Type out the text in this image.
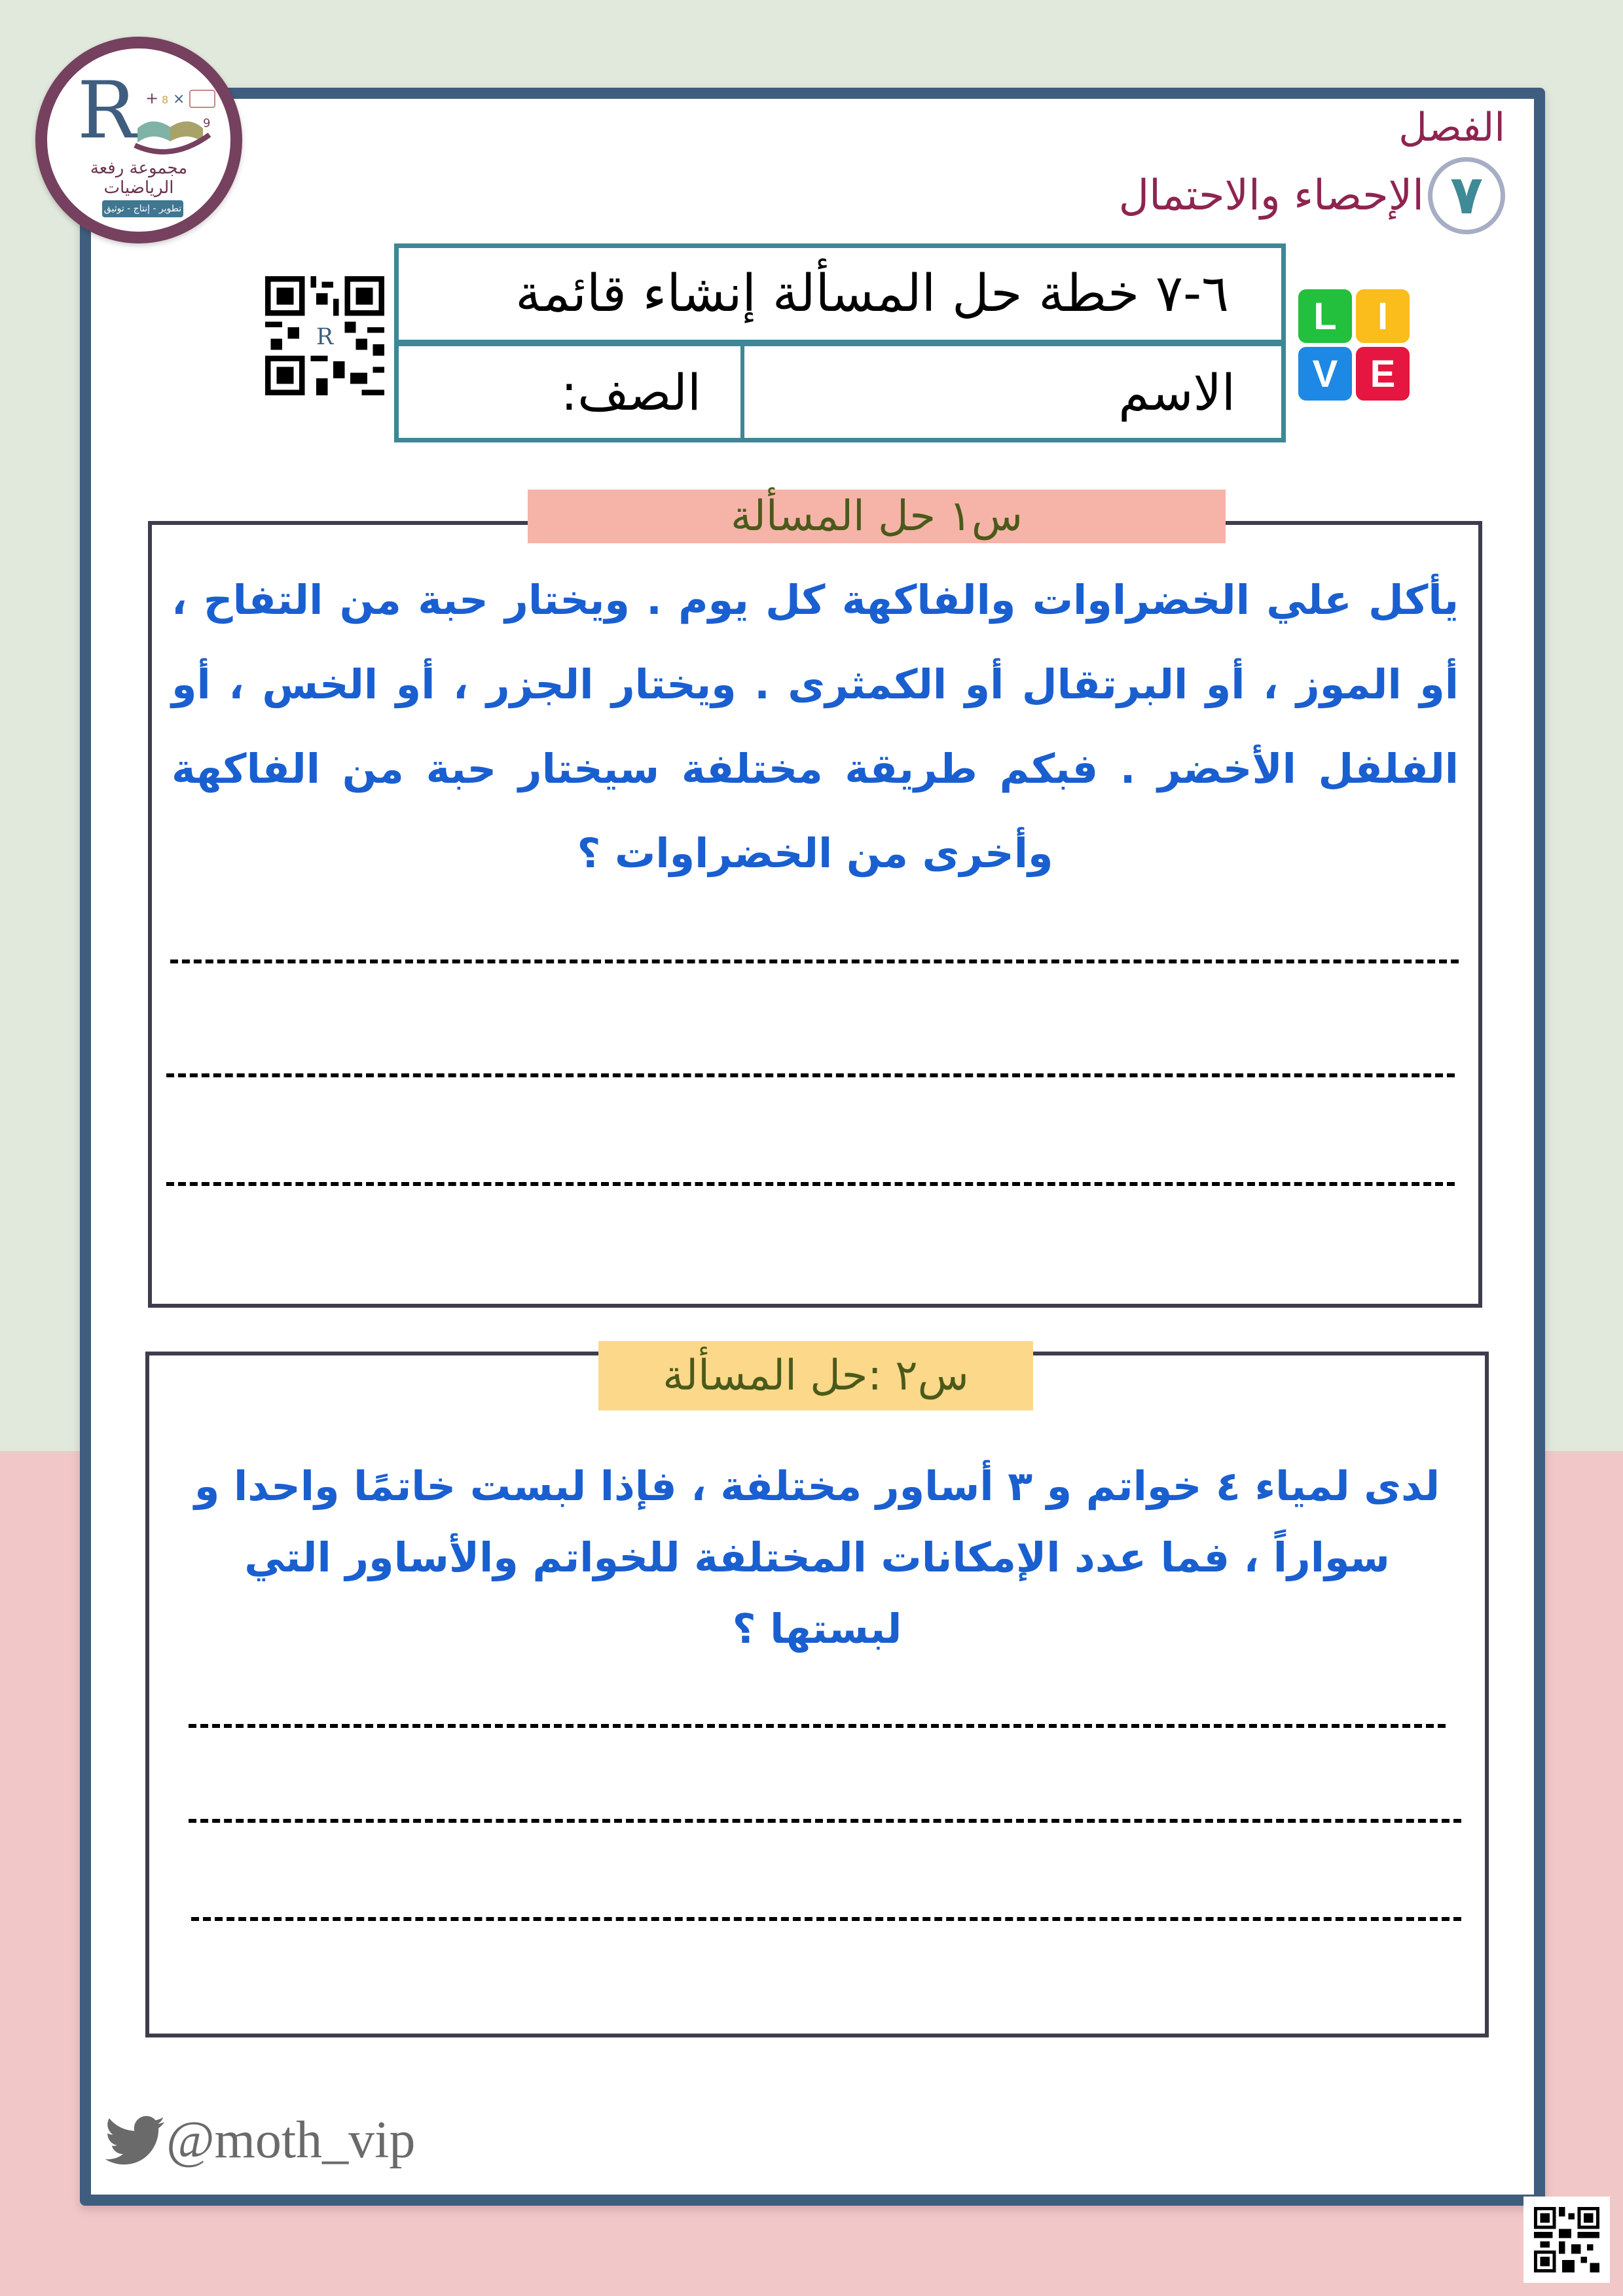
R + 8 ×
9
مجموعة رفعة الرياضيات
تطوير - إنتاج - توثيق
الفصل
٧
الإحصاء والاحتمال
R
٦-٧ خطة حل المسألة إنشاء قائمة
الاسم
الصف:
L	I
V E
س١ حل المسألة
يأكل علي الخضراوات والفاكهة كل يوم . ويختار حبة من التفاح ، أو الموز ، أو البرتقال أو الكمثرى . ويختار الجزر ، أو الخس ، أو الفلفل الأخضر . فبكم طريقة مختلفة سيختار حبة من الفاكهة وأخرى من الخضراوات ؟
س٢ :حل المسألة
لدى لمياء ٤ خواتم و ٣ أساور مختلفة ، فإذا لبست خاتمًا واحدا و سواراً ، فما عدد الإمكانات المختلفة للخواتم والأساور التي لبستها ؟
@moth_vip
